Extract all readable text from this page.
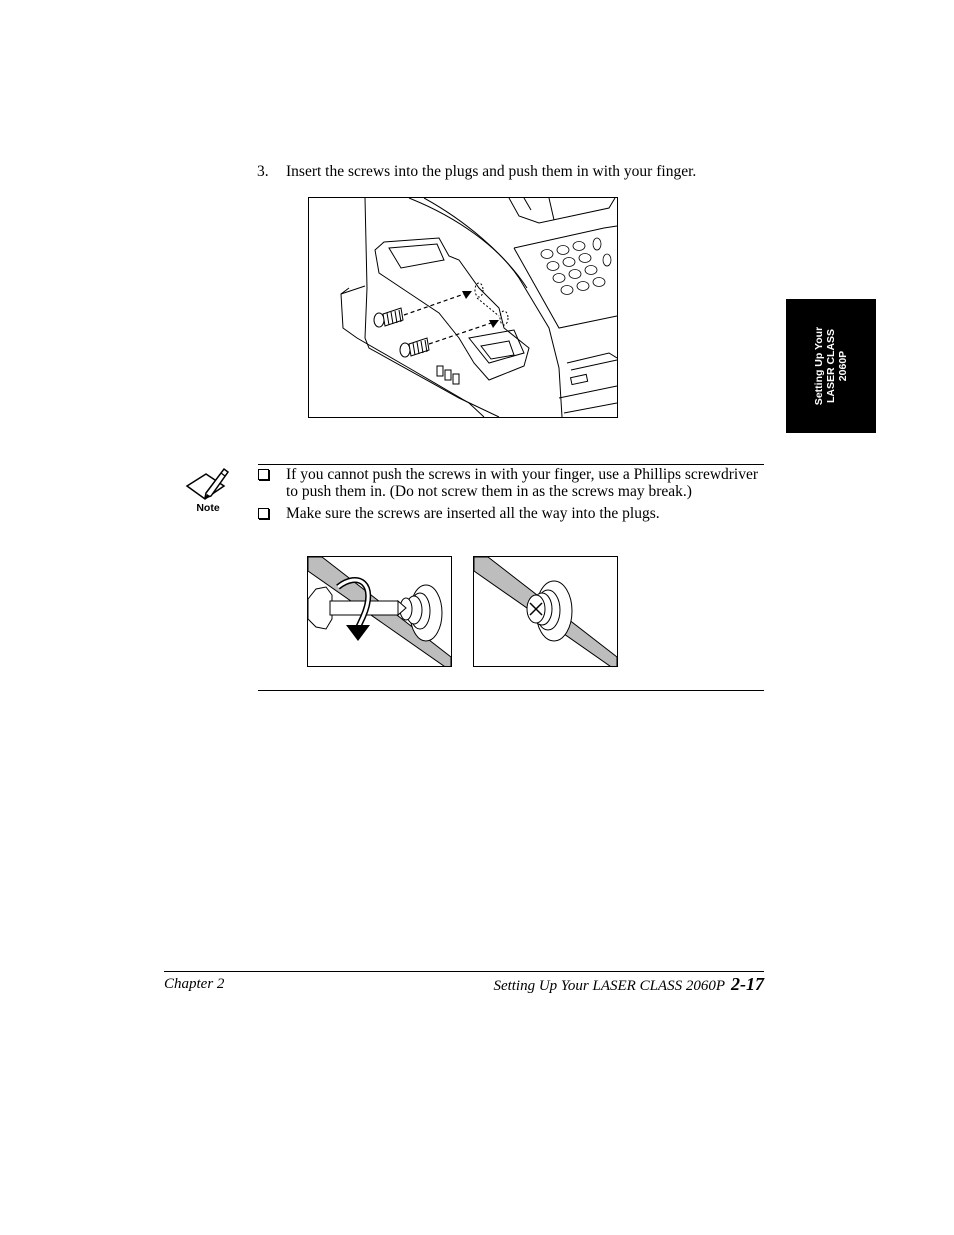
3. Insert the screws into the plugs and push them in with your finger.
Note
If you cannot push the screws in with your finger, use a Phillips screwdriver to push them in. (Do not screw them in as the screws may break.)
Make sure the screws are inserted all the way into the plugs.
Setting Up Your LASER CLASS 2060P
Chapter 2	Setting Up Your LASER CLASS 2060P 2-17
